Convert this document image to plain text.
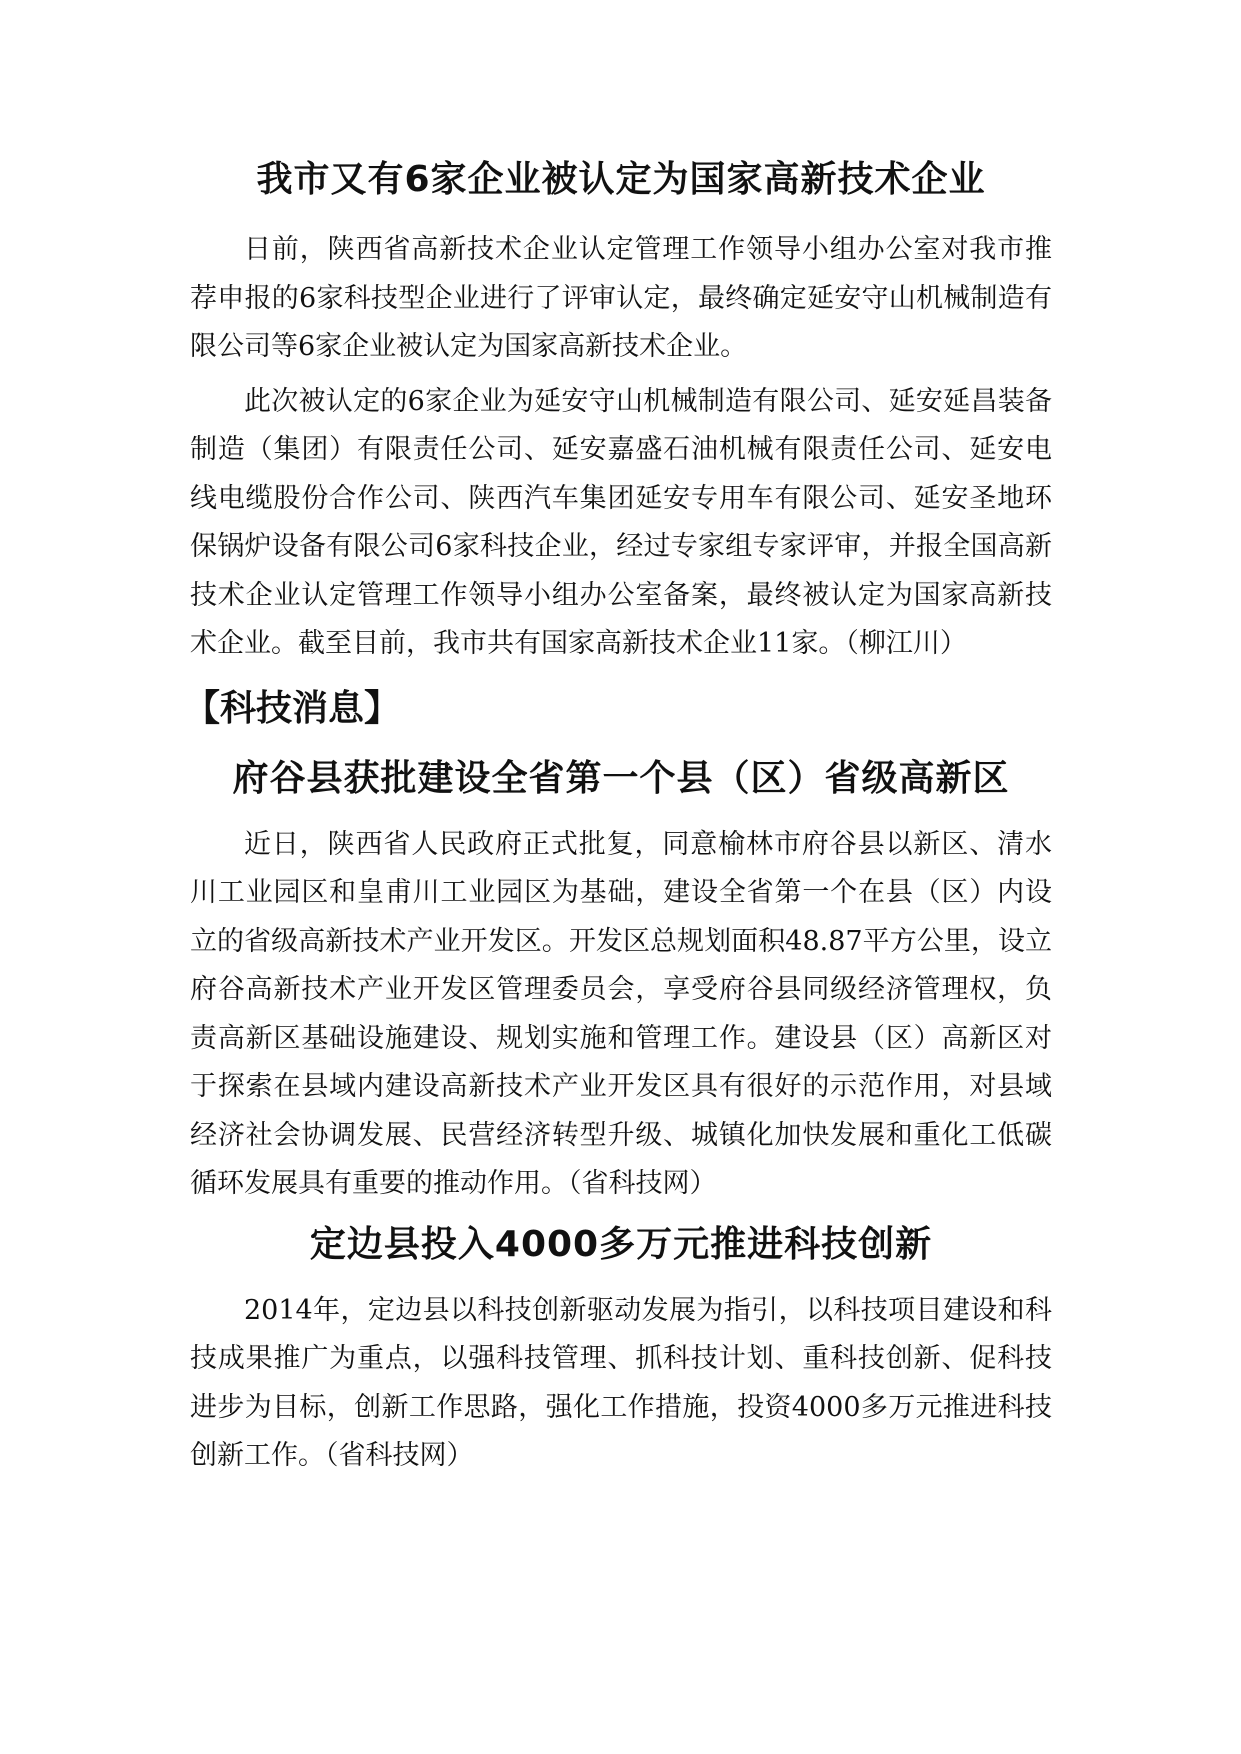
我市又有6家企业被认定为国家高新技术企业

日前，陕西省高新技术企业认定管理工作领导小组办公室对我市推荐申报的6家科技型企业进行了评审认定，最终确定延安守山机械制造有限公司等6家企业被认定为国家高新技术企业。

此次被认定的6家企业为延安守山机械制造有限公司、延安延昌装备制造（集团）有限责任公司、延安嘉盛石油机械有限责任公司、延安电线电缆股份合作公司、陕西汽车集团延安专用车有限公司、延安圣地环保锅炉设备有限公司6家科技企业，经过专家组专家评审，并报全国高新技术企业认定管理工作领导小组办公室备案，最终被认定为国家高新技术企业。截至目前，我市共有国家高新技术企业11家。（柳江川）

【科技消息】
府谷县获批建设全省第一个县（区）省级高新区

近日，陕西省人民政府正式批复，同意榆林市府谷县以新区、清水川工业园区和皇甫川工业园区为基础，建设全省第一个在县（区）内设立的省级高新技术产业开发区。开发区总规划面积48.87平方公里，设立府谷高新技术产业开发区管理委员会，享受府谷县同级经济管理权，负责高新区基础设施建设、规划实施和管理工作。建设县（区）高新区对于探索在县域内建设高新技术产业开发区具有很好的示范作用，对县域经济社会协调发展、民营经济转型升级、城镇化加快发展和重化工低碳循环发展具有重要的推动作用。（省科技网）

定边县投入4000多万元推进科技创新

2014年，定边县以科技创新驱动发展为指引，以科技项目建设和科技成果推广为重点，以强科技管理、抓科技计划、重科技创新、促科技进步为目标，创新工作思路，强化工作措施，投资4000多万元推进科技创新工作。（省科技网）
